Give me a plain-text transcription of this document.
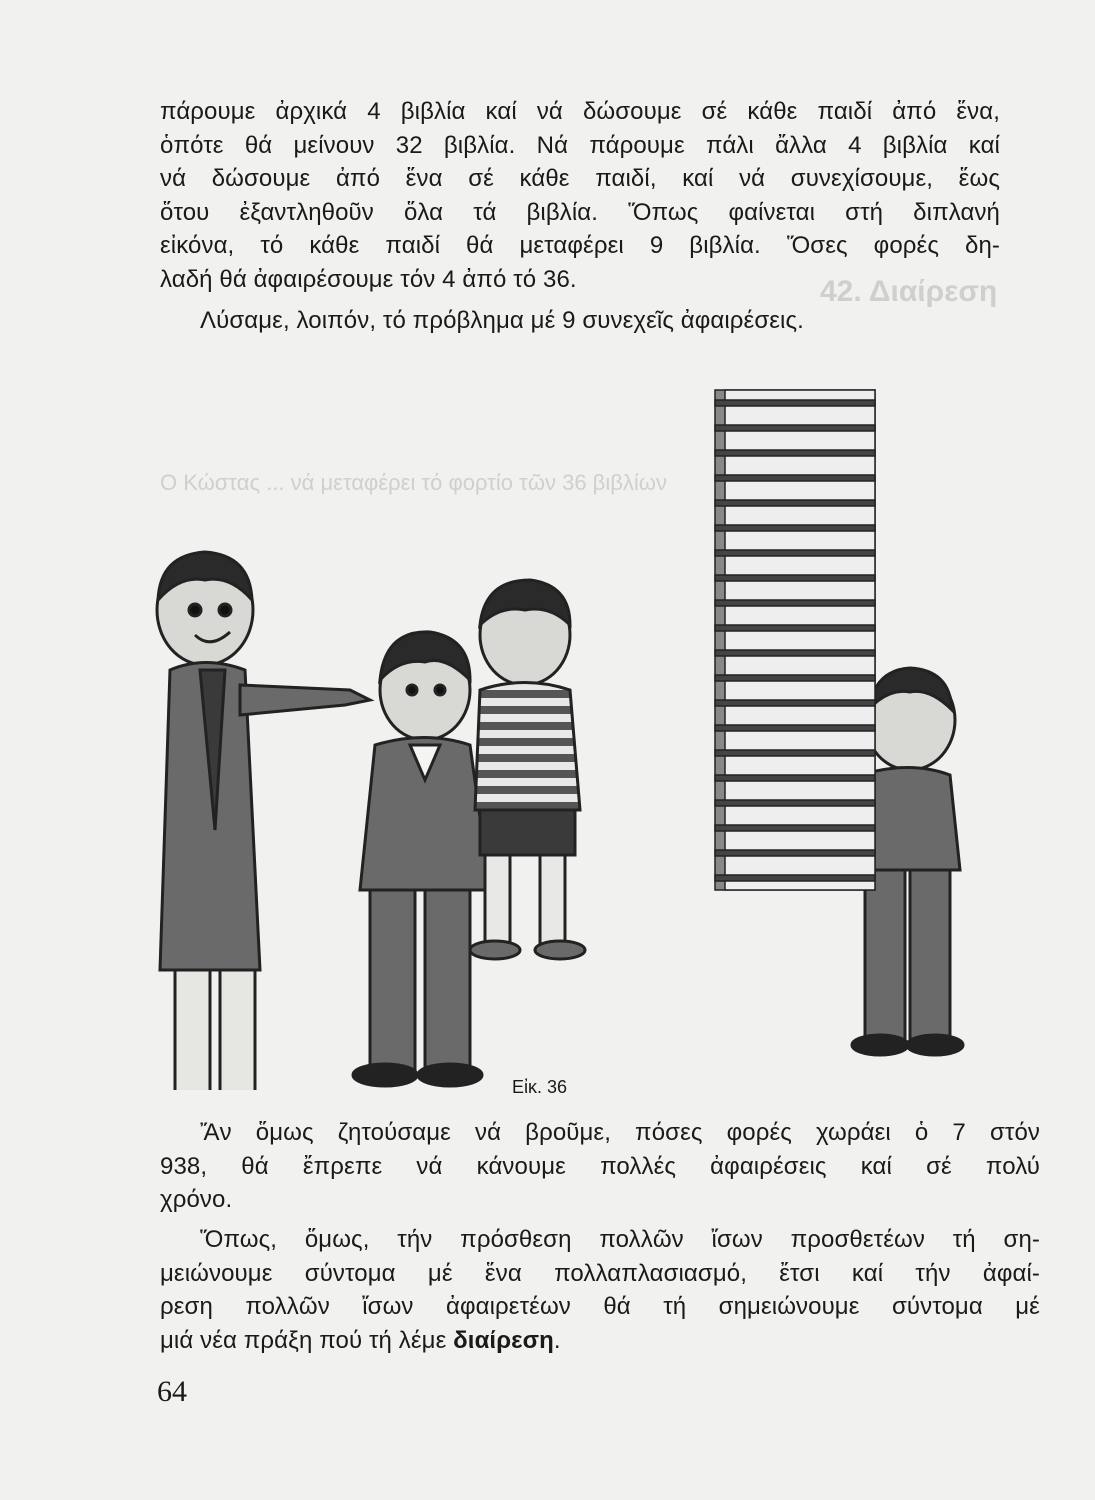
42. Διαίρεση
Ο Κώστας ... νά μεταφέρει τό φορτίο τῶν 36 βιβλίων

πάρουμε ἀρχικά 4 βιβλία καί νά δώσουμε σέ κάθε παιδί ἀπό ἕνα,
ὁπότε θά μείνουν 32 βιβλία. Νά πάρουμε πάλι ἄλλα 4 βιβλία καί
νά δώσουμε ἀπό ἕνα σέ κάθε παιδί, καί νά συνεχίσουμε, ἕως
ὅτου ἐξαντληθοῦν ὅλα τά βιβλία. Ὅπως φαίνεται στή διπλανή
εἰκόνα, τό κάθε παιδί θά μεταφέρει 9 βιβλία. Ὅσες φορές δη-
λαδή θά ἀφαιρέσουμε τόν 4 ἀπό τό 36.

Λύσαμε, λοιπόν, τό πρόβλημα μέ 9 συνεχεῖς ἀφαιρέσεις.

Εἰκ. 36

Ἄν ὅμως ζητούσαμε νά βροῦμε, πόσες φορές χωράει ὁ 7 στόν
938, θά ἔπρεπε νά κάνουμε πολλές ἀφαιρέσεις καί σέ πολύ
χρόνο.

Ὅπως, ὅμως, τήν πρόσθεση πολλῶν ἴσων προσθετέων τή ση-
μειώνουμε σύντομα μέ ἕνα πολλαπλασιασμό, ἔτσι καί τήν ἀφαί-
ρεση πολλῶν ἴσων ἀφαιρετέων θά τή σημειώνουμε σύντομα μέ
μιά νέα πράξη πού τή λέμε διαίρεση.

64
